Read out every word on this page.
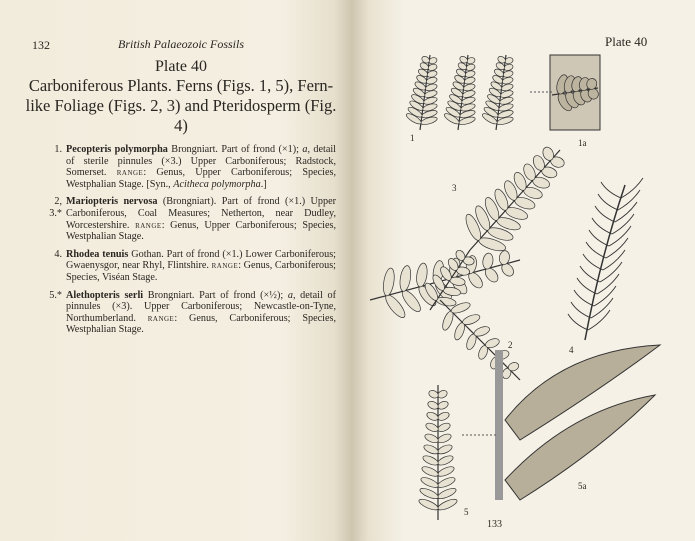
132	British Palaeozoic Fossils
Plate 40
Carboniferous Plants. Ferns (Figs. 1, 5), Fern-like Foliage (Figs. 2, 3) and Pteridosperm (Fig. 4)
1. Pecopteris polymorpha Brongniart. Part of frond (×1); a, detail of sterile pinnules (×3.) Upper Carboniferous; Radstock, Somerset. range: Genus, Upper Carboniferous; Species, Westphalian Stage. [Syn., Acitheca polymorpha.]
2, 3.*
Mariopteris nervosa (Brongniart). Part of frond (×1.) Upper Carboniferous, Coal Measures; Netherton, near Dudley, Worcestershire. range: Genus, Upper Carboniferous; Species, Westphalian Stage.
4. Rhodea tenuis Gothan. Part of frond (×1.) Lower Carboniferous; Gwaenysgor, near Rhyl, Flintshire. range: Genus, Carboniferous; Species, Viséan Stage.
5.* Alethopteris serli Brongniart. Part of frond (×½); a, detail of pinnules (×3). Upper Carboniferous; Newcastle-on-Tyne, Northumberland. range: Genus, Carboniferous; Species, Westphalian Stage.
Plate 40
1	1a
3
2	4
5
5a
133
